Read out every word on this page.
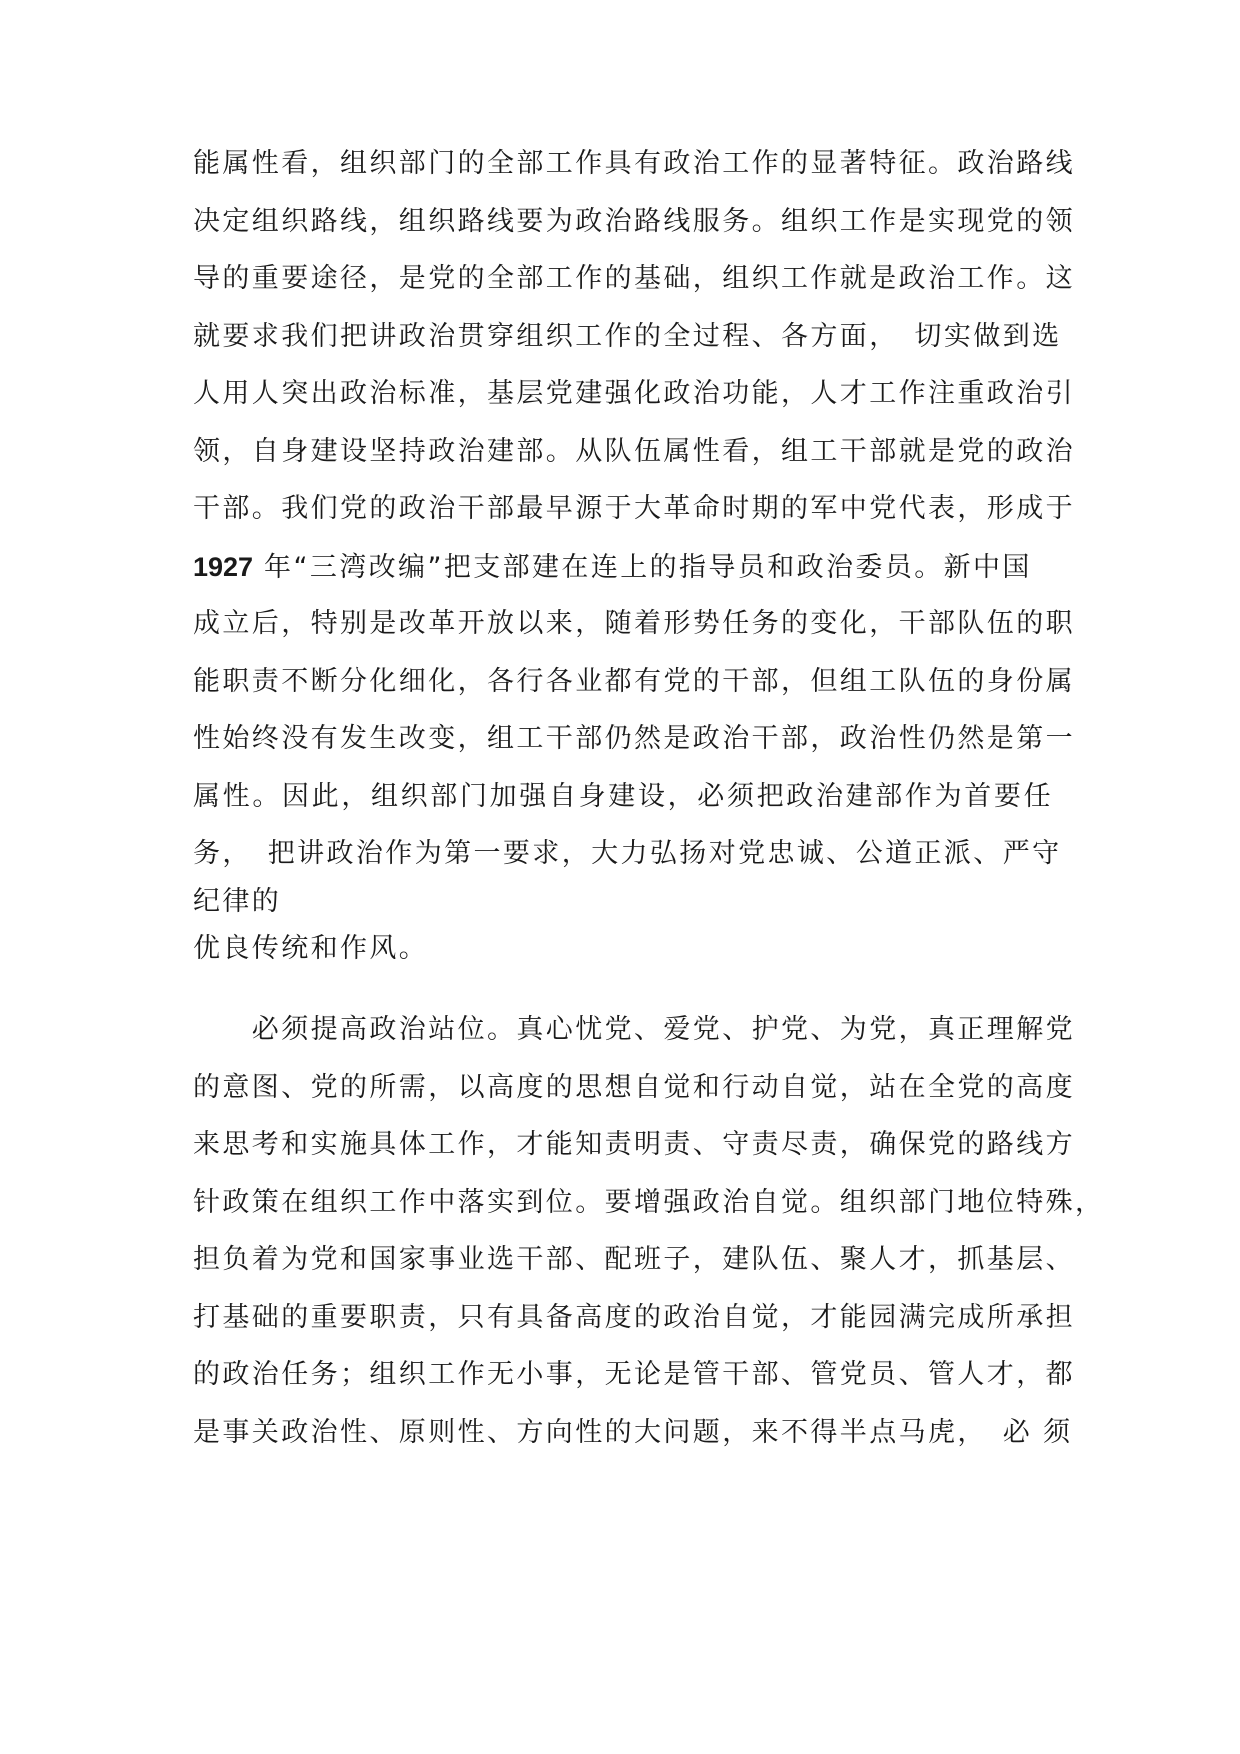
能属性看，组织部门的全部工作具有政治工作的显著特征。政治路线
决定组织路线，组织路线要为政治路线服务。组织工作是实现党的领
导的重要途径，是党的全部工作的基础，组织工作就是政治工作。这
就要求我们把讲政治贯穿组织工作的全过程、各方面，　切实做到选
人用人突出政治标准，基层党建强化政治功能，人才工作注重政治引
领，自身建设坚持政治建部。从队伍属性看，组工干部就是党的政治
干部。我们党的政治干部最早源于大革命时期的军中党代表，形成于
1927 年“三湾改编”把支部建在连上的指导员和政治委员。新中国
成立后，特别是改革开放以来，随着形势任务的变化，干部队伍的职
能职责不断分化细化，各行各业都有党的干部，但组工队伍的身份属
性始终没有发生改变，组工干部仍然是政治干部，政治性仍然是第一
属性。因此，组织部门加强自身建设，必须把政治建部作为首要任
务，　把讲政治作为第一要求，大力弘扬对党忠诚、公道正派、严守
纪律的
优良传统和作风。
　　必须提高政治站位。真心忧党、爱党、护党、为党，真正理解党
的意图、党的所需，以高度的思想自觉和行动自觉，站在全党的高度
来思考和实施具体工作，才能知责明责、守责尽责，确保党的路线方
针政策在组织工作中落实到位。要增强政治自觉。组织部门地位特殊，
担负着为党和国家事业选干部、配班子，建队伍、聚人才，抓基层、
打基础的重要职责，只有具备高度的政治自觉，才能园满完成所承担
的政治任务；组织工作无小事，无论是管干部、管党员、管人才，都
是事关政治性、原则性、方向性的大问题，来不得半点马虎，　必 须
